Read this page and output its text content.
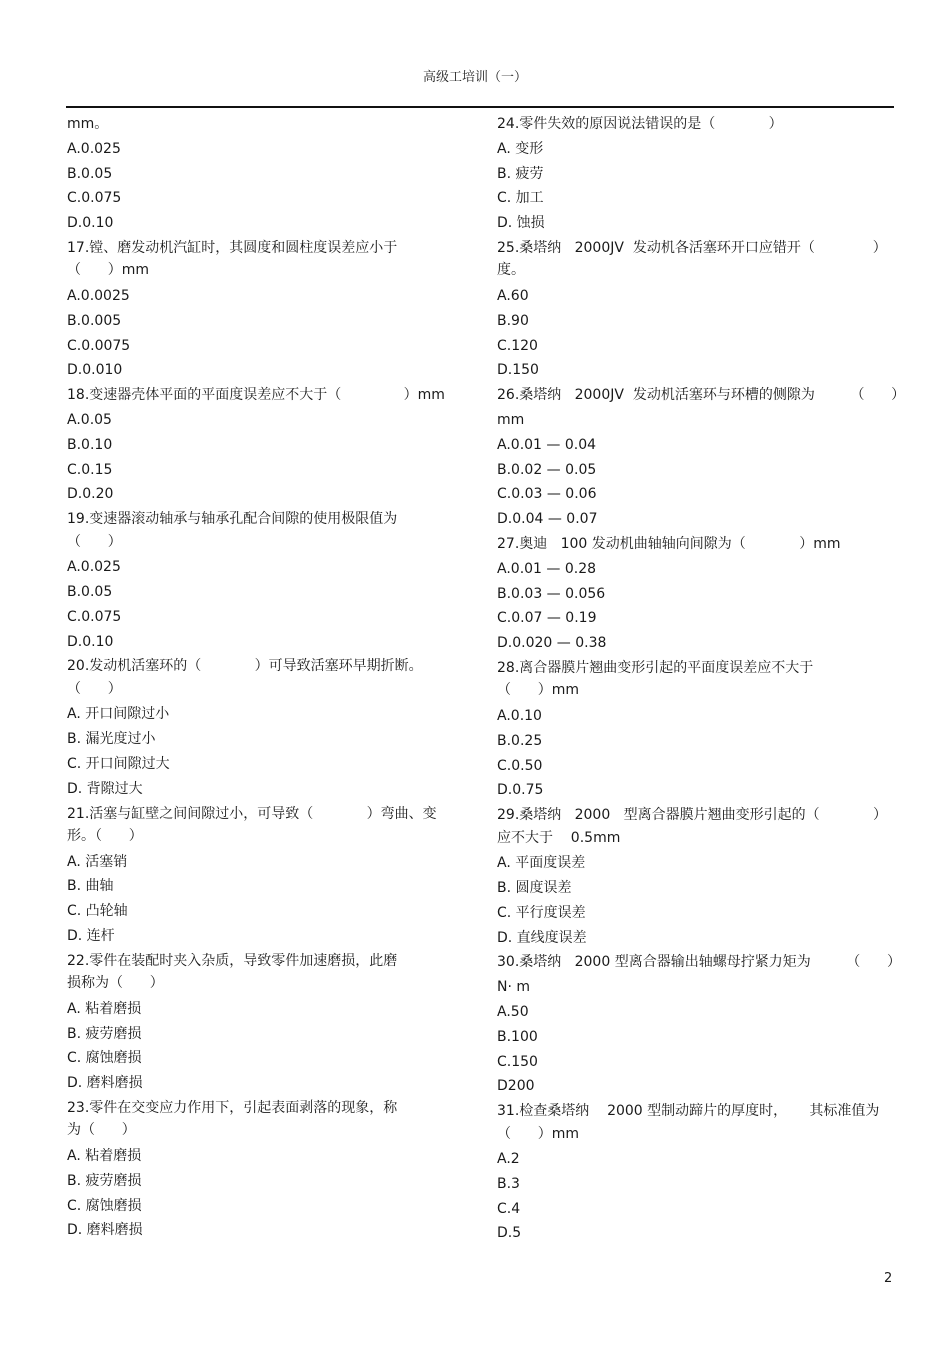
高级工培训（一）
mm。
A.0.025
B.0.05
C.0.075
D.0.10
17.镗、磨发动机汽缸时，其圆度和圆柱度误差应小于
（      ）mm
A.0.0025
B.0.005
C.0.0075
D.0.010
18.变速器壳体平面的平面度误差应不大于（              ）mm
A.0.05
B.0.10
C.0.15
D.0.20
19.变速器滚动轴承与轴承孔配合间隙的使用极限值为
（      ）
A.0.025
B.0.05
C.0.075
D.0.10
20.发动机活塞环的（            ）可导致活塞环早期折断。
（      ）
A. 开口间隙过小
B. 漏光度过小
C. 开口间隙过大
D. 背隙过大
21.活塞与缸壁之间间隙过小，可导致（            ）弯曲、变
形。（      ）
A. 活塞销
B. 曲轴
C. 凸轮轴
D. 连杆
22.零件在装配时夹入杂质，导致零件加速磨损，此磨
损称为（      ）
A. 粘着磨损
B. 疲劳磨损
C. 腐蚀磨损
D. 磨料磨损
23.零件在交变应力作用下，引起表面剥落的现象，称
为（      ）
A. 粘着磨损
B. 疲劳磨损
C. 腐蚀磨损
D. 磨料磨损
24.零件失效的原因说法错误的是（            ）
A. 变形
B. 疲劳
C. 加工
D. 蚀损
25.桑塔纳   2000JV  发动机各活塞环开口应错开（             ）
度。
A.60
B.90
C.120
D.150
26.桑塔纳   2000JV  发动机活塞环与环槽的侧隙为        （      ）
mm
A.0.01 — 0.04
B.0.02 — 0.05
C.0.03 — 0.06
D.0.04 — 0.07
27.奥迪   100 发动机曲轴轴向间隙为（            ）mm
A.0.01 — 0.28
B.0.03 — 0.056
C.0.07 — 0.19
D.0.020 — 0.38
28.离合器膜片翘曲变形引起的平面度误差应不大于
（      ）mm
A.0.10
B.0.25
C.0.50
D.0.75
29.桑塔纳   2000   型离合器膜片翘曲变形引起的（            ）
应不大于    0.5mm
A. 平面度误差
B. 圆度误差
C. 平行度误差
D. 直线度误差
30.桑塔纳   2000 型离合器输出轴螺母拧紧力矩为        （      ）
N· m
A.50
B.100
C.150
D200
31.检查桑塔纳    2000 型制动蹄片的厚度时，     其标准值为
（      ）mm
A.2
B.3
C.4
D.5
2
